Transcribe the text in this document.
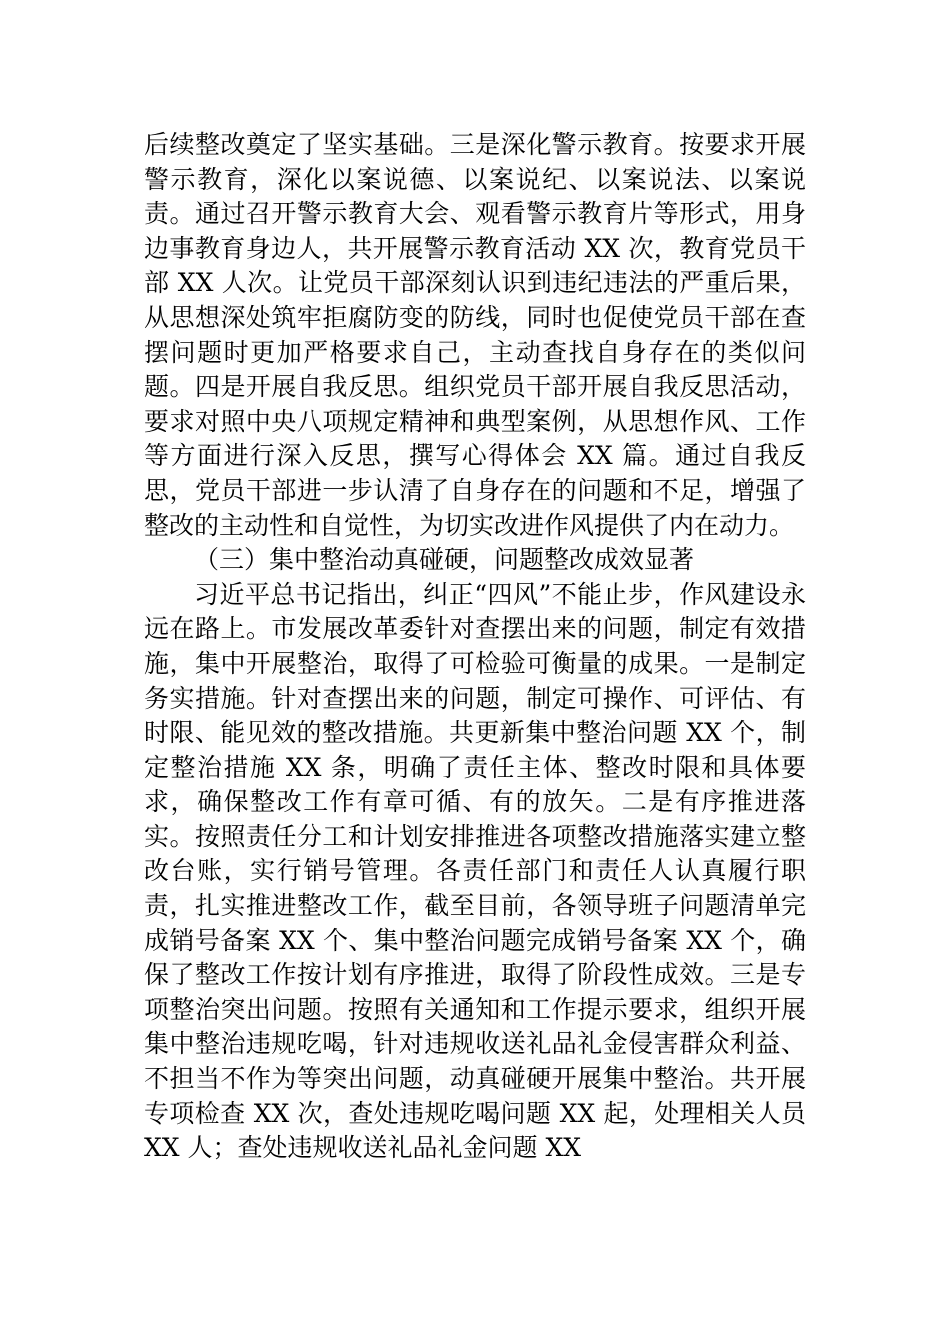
后续整改奠定了坚实基础。三是深化警示教育。按要求开展警示教育，深化以案说德、以案说纪、以案说法、以案说责。通过召开警示教育大会、观看警示教育片等形式，用身边事教育身边人，共开展警示教育活动 XX 次，教育党员干部 XX 人次。让党员干部深刻认识到违纪违法的严重后果，从思想深处筑牢拒腐防变的防线，同时也促使党员干部在查摆问题时更加严格要求自己，主动查找自身存在的类似问题。四是开展自我反思。组织党员干部开展自我反思活动，要求对照中央八项规定精神和典型案例，从思想作风、工作等方面进行深入反思，撰写心得体会 XX 篇。通过自我反思，党员干部进一步认清了自身存在的问题和不足，增强了整改的主动性和自觉性，为切实改进作风提供了内在动力。

（三）集中整治动真碰硬，问题整改成效显著

习近平总书记指出，纠正“四风”不能止步，作风建设永远在路上。市发展改革委针对查摆出来的问题，制定有效措施，集中开展整治，取得了可检验可衡量的成果。一是制定务实措施。针对查摆出来的问题，制定可操作、可评估、有时限、能见效的整改措施。共更新集中整治问题 XX 个，制定整治措施 XX 条，明确了责任主体、整改时限和具体要求，确保整改工作有章可循、有的放矢。二是有序推进落实。按照责任分工和计划安排推进各项整改措施落实建立整改台账，实行销号管理。各责任部门和责任人认真履行职责，扎实推进整改工作，截至目前，各领导班子问题清单完成销号备案 XX 个、集中整治问题完成销号备案 XX 个，确保了整改工作按计划有序推进，取得了阶段性成效。三是专项整治突出问题。按照有关通知和工作提示要求，组织开展集中整治违规吃喝，针对违规收送礼品礼金侵害群众利益、不担当不作为等突出问题，动真碰硬开展集中整治。共开展专项检查 XX 次，查处违规吃喝问题 XX 起，处理相关人员 XX 人；查处违规收送礼品礼金问题 XX
